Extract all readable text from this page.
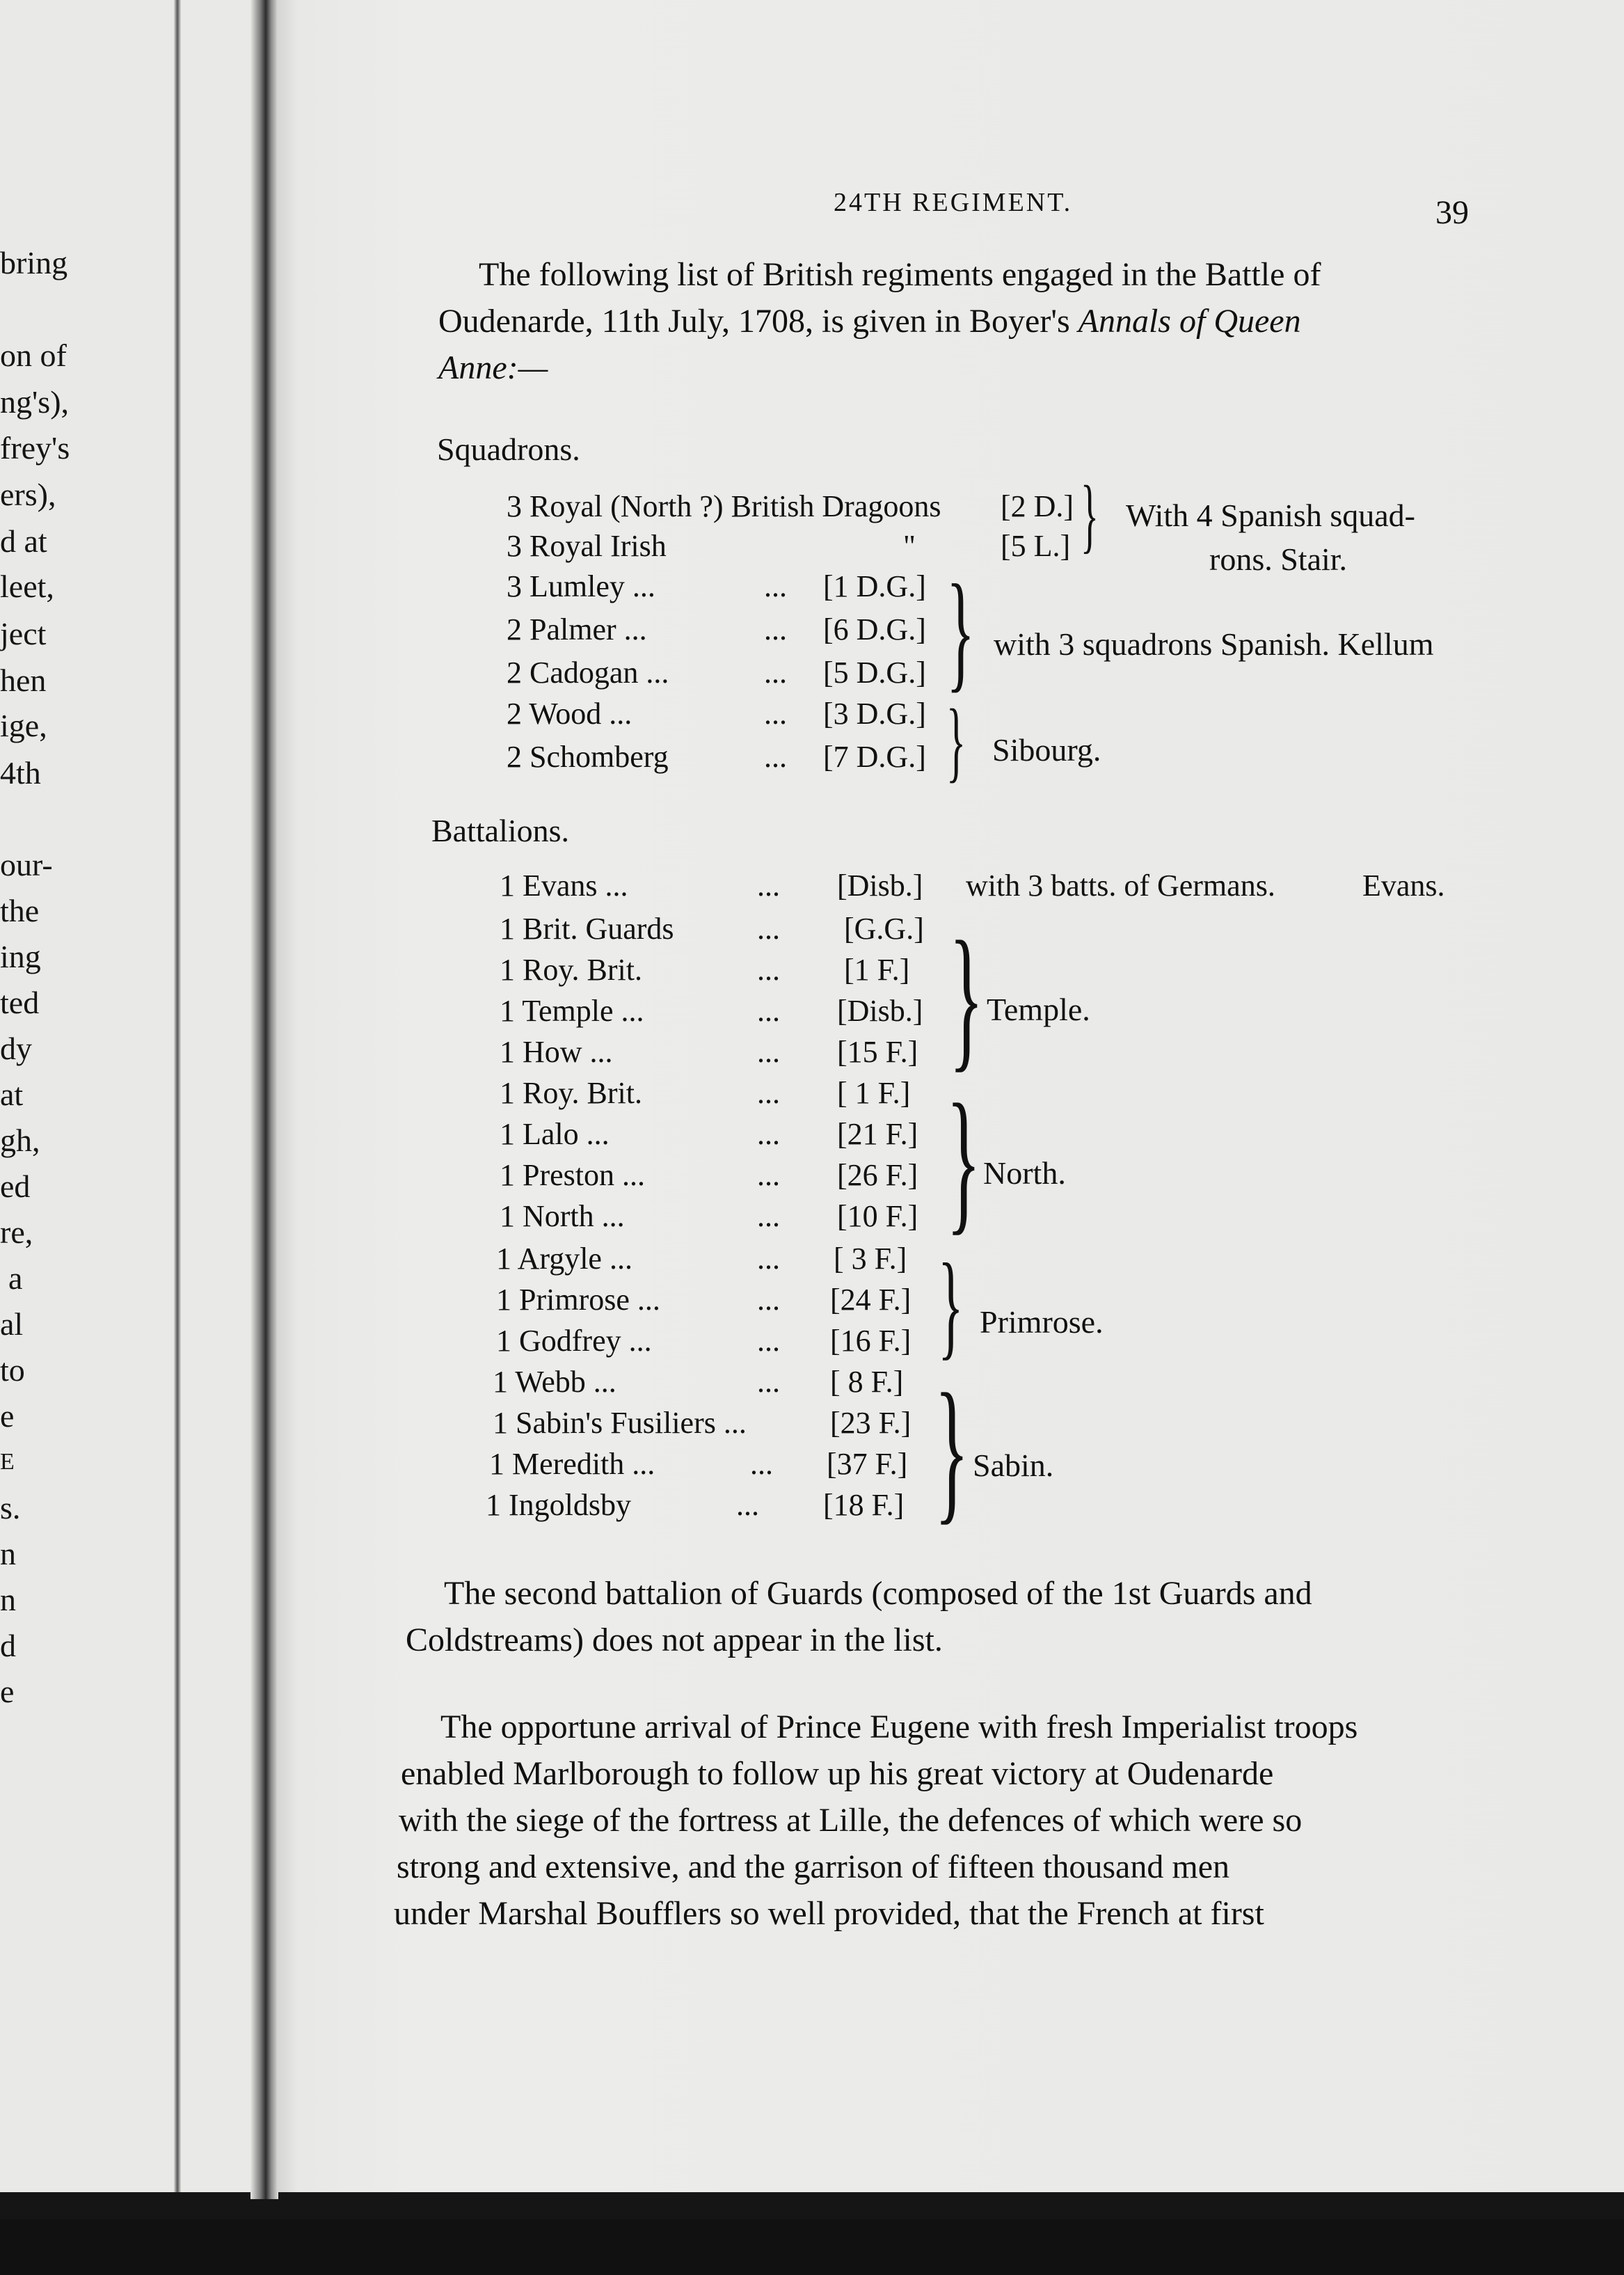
bring
on of
ng's),
frey's
ers),
d at
leet,
ject
hen
ige,
4th
our-
the
ing
ted
dy
at
gh,
ed
re,
a
al
to
e
E
s.
n
n
d
e
24TH REGIMENT.	39
The following list of British regiments engaged in the Battle of
Oudenarde, 11th July, 1708, is given in Boyer's Annals of Queen
Anne:—
Squadrons.
3 Royal (North ?) British Dragoons [2 D.]
3 Royal Irish	"	[5 L.] } With 4 Spanish squad-
rons. Stair.
3 Lumley ...	... [1 D.G.]
2 Palmer ...	... [6 D.G.]
2 Cadogan ...	... [5 D.G.] } with 3 squadrons Spanish. Kellum
2 Wood ...	... [3 D.G.]
2 Schomberg	... [7 D.G.] } Sibourg.
Battalions.
1 Evans ...	... [Disb.] with 3 batts. of Germans.	Evans.
1 Brit. Guards	... [G.G.]
1 Roy. Brit.	... [1 F.]
1 Temple ...	... [Disb.]
1 How ...	... [15 F.] } Temple.
1 Roy. Brit.	... [ 1 F.]
1 Lalo ...	... [21 F.]
1 Preston ...	... [26 F.]
1 North ...	... [10 F.] } North.
1 Argyle ...	... [ 3 F.]
1 Primrose ...	... [24 F.]
1 Godfrey ...	... [16 F.] } Primrose.
1 Webb ...	... [ 8 F.]
1 Sabin's Fusiliers ...	[23 F.]
1 Meredith ...	... [37 F.]
1 Ingoldsby	... [18 F.] } Sabin.
The second battalion of Guards (composed of the 1st Guards and
Coldstreams) does not appear in the list.
The opportune arrival of Prince Eugene with fresh Imperialist troops
enabled Marlborough to follow up his great victory at Oudenarde
with the siege of the fortress at Lille, the defences of which were so
strong and extensive, and the garrison of fifteen thousand men
under Marshal Boufflers so well provided, that the French at first
